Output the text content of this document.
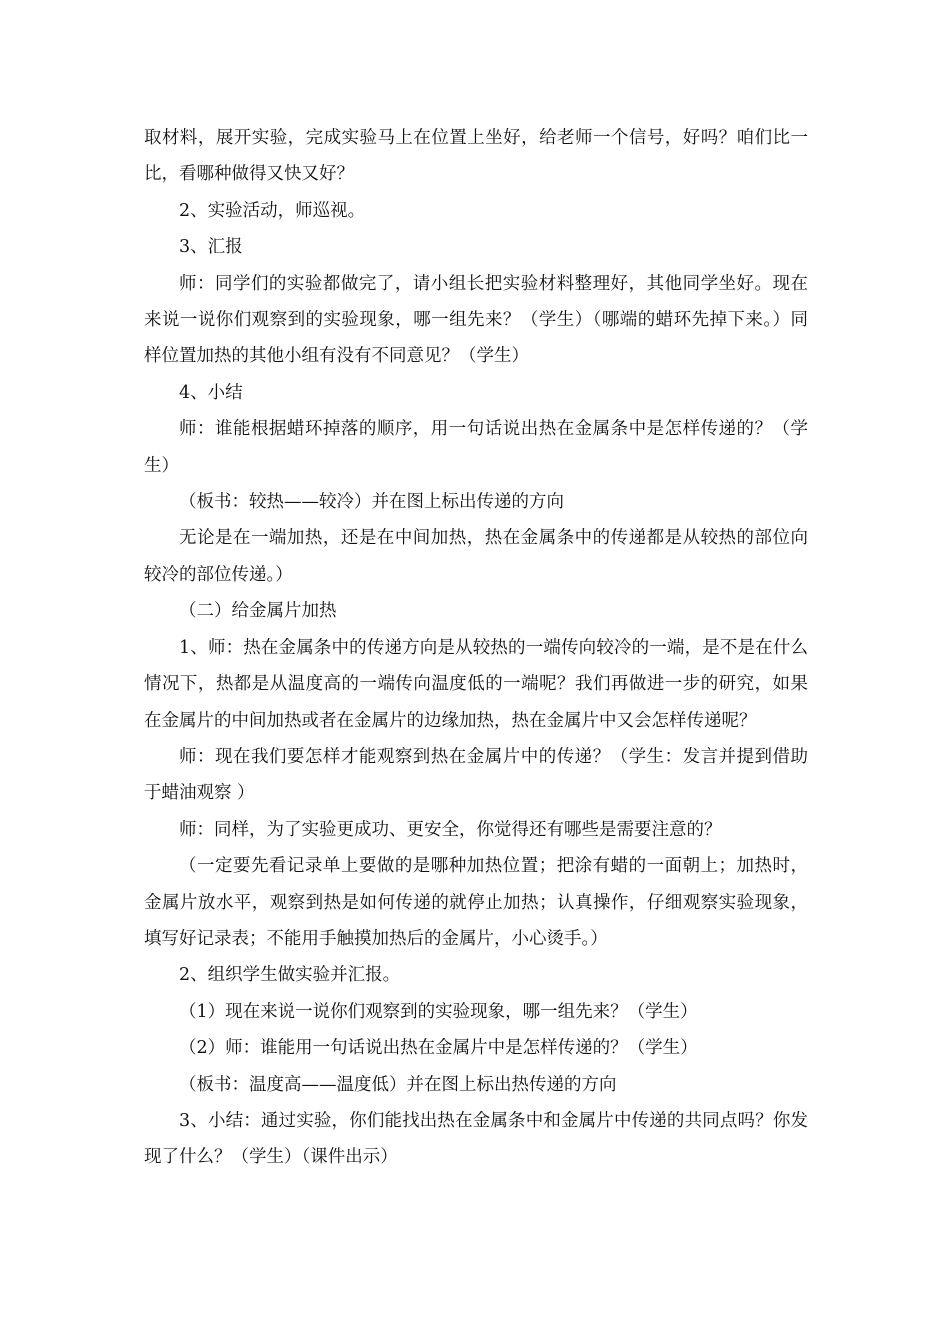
取材料，展开实验，完成实验马上在位置上坐好，给老师一个信号，好吗？咱们比一比，看哪种做得又快又好？

2、实验活动，师巡视。

3、汇报

师：同学们的实验都做完了，请小组长把实验材料整理好，其他同学坐好。现在来说一说你们观察到的实验现象，哪一组先来？（学生）（哪端的蜡环先掉下来。）同样位置加热的其他小组有没有不同意见？（学生）

4、小结

师：谁能根据蜡环掉落的顺序，用一句话说出热在金属条中是怎样传递的？（学生）

（板书：较热——较冷）并在图上标出传递的方向

无论是在一端加热，还是在中间加热，热在金属条中的传递都是从较热的部位向较冷的部位传递。）

（二）给金属片加热

1、师：热在金属条中的传递方向是从较热的一端传向较冷的一端，是不是在什么情况下，热都是从温度高的一端传向温度低的一端呢？我们再做进一步的研究，如果在金属片的中间加热或者在金属片的边缘加热，热在金属片中又会怎样传递呢？

师：现在我们要怎样才能观察到热在金属片中的传递？（学生：发言并提到借助于蜡油观察 ）

师：同样，为了实验更成功、更安全，你觉得还有哪些是需要注意的？

（一定要先看记录单上要做的是哪种加热位置；把涂有蜡的一面朝上；加热时，金属片放水平，观察到热是如何传递的就停止加热；认真操作，仔细观察实验现象，填写好记录表；不能用手触摸加热后的金属片，小心烫手。）

2、组织学生做实验并汇报。

（1）现在来说一说你们观察到的实验现象，哪一组先来？（学生）

（2）师：谁能用一句话说出热在金属片中是怎样传递的？（学生）

（板书：温度高——温度低）并在图上标出热传递的方向

3、小结：通过实验，你们能找出热在金属条中和金属片中传递的共同点吗？你发现了什么？（学生）（课件出示）
